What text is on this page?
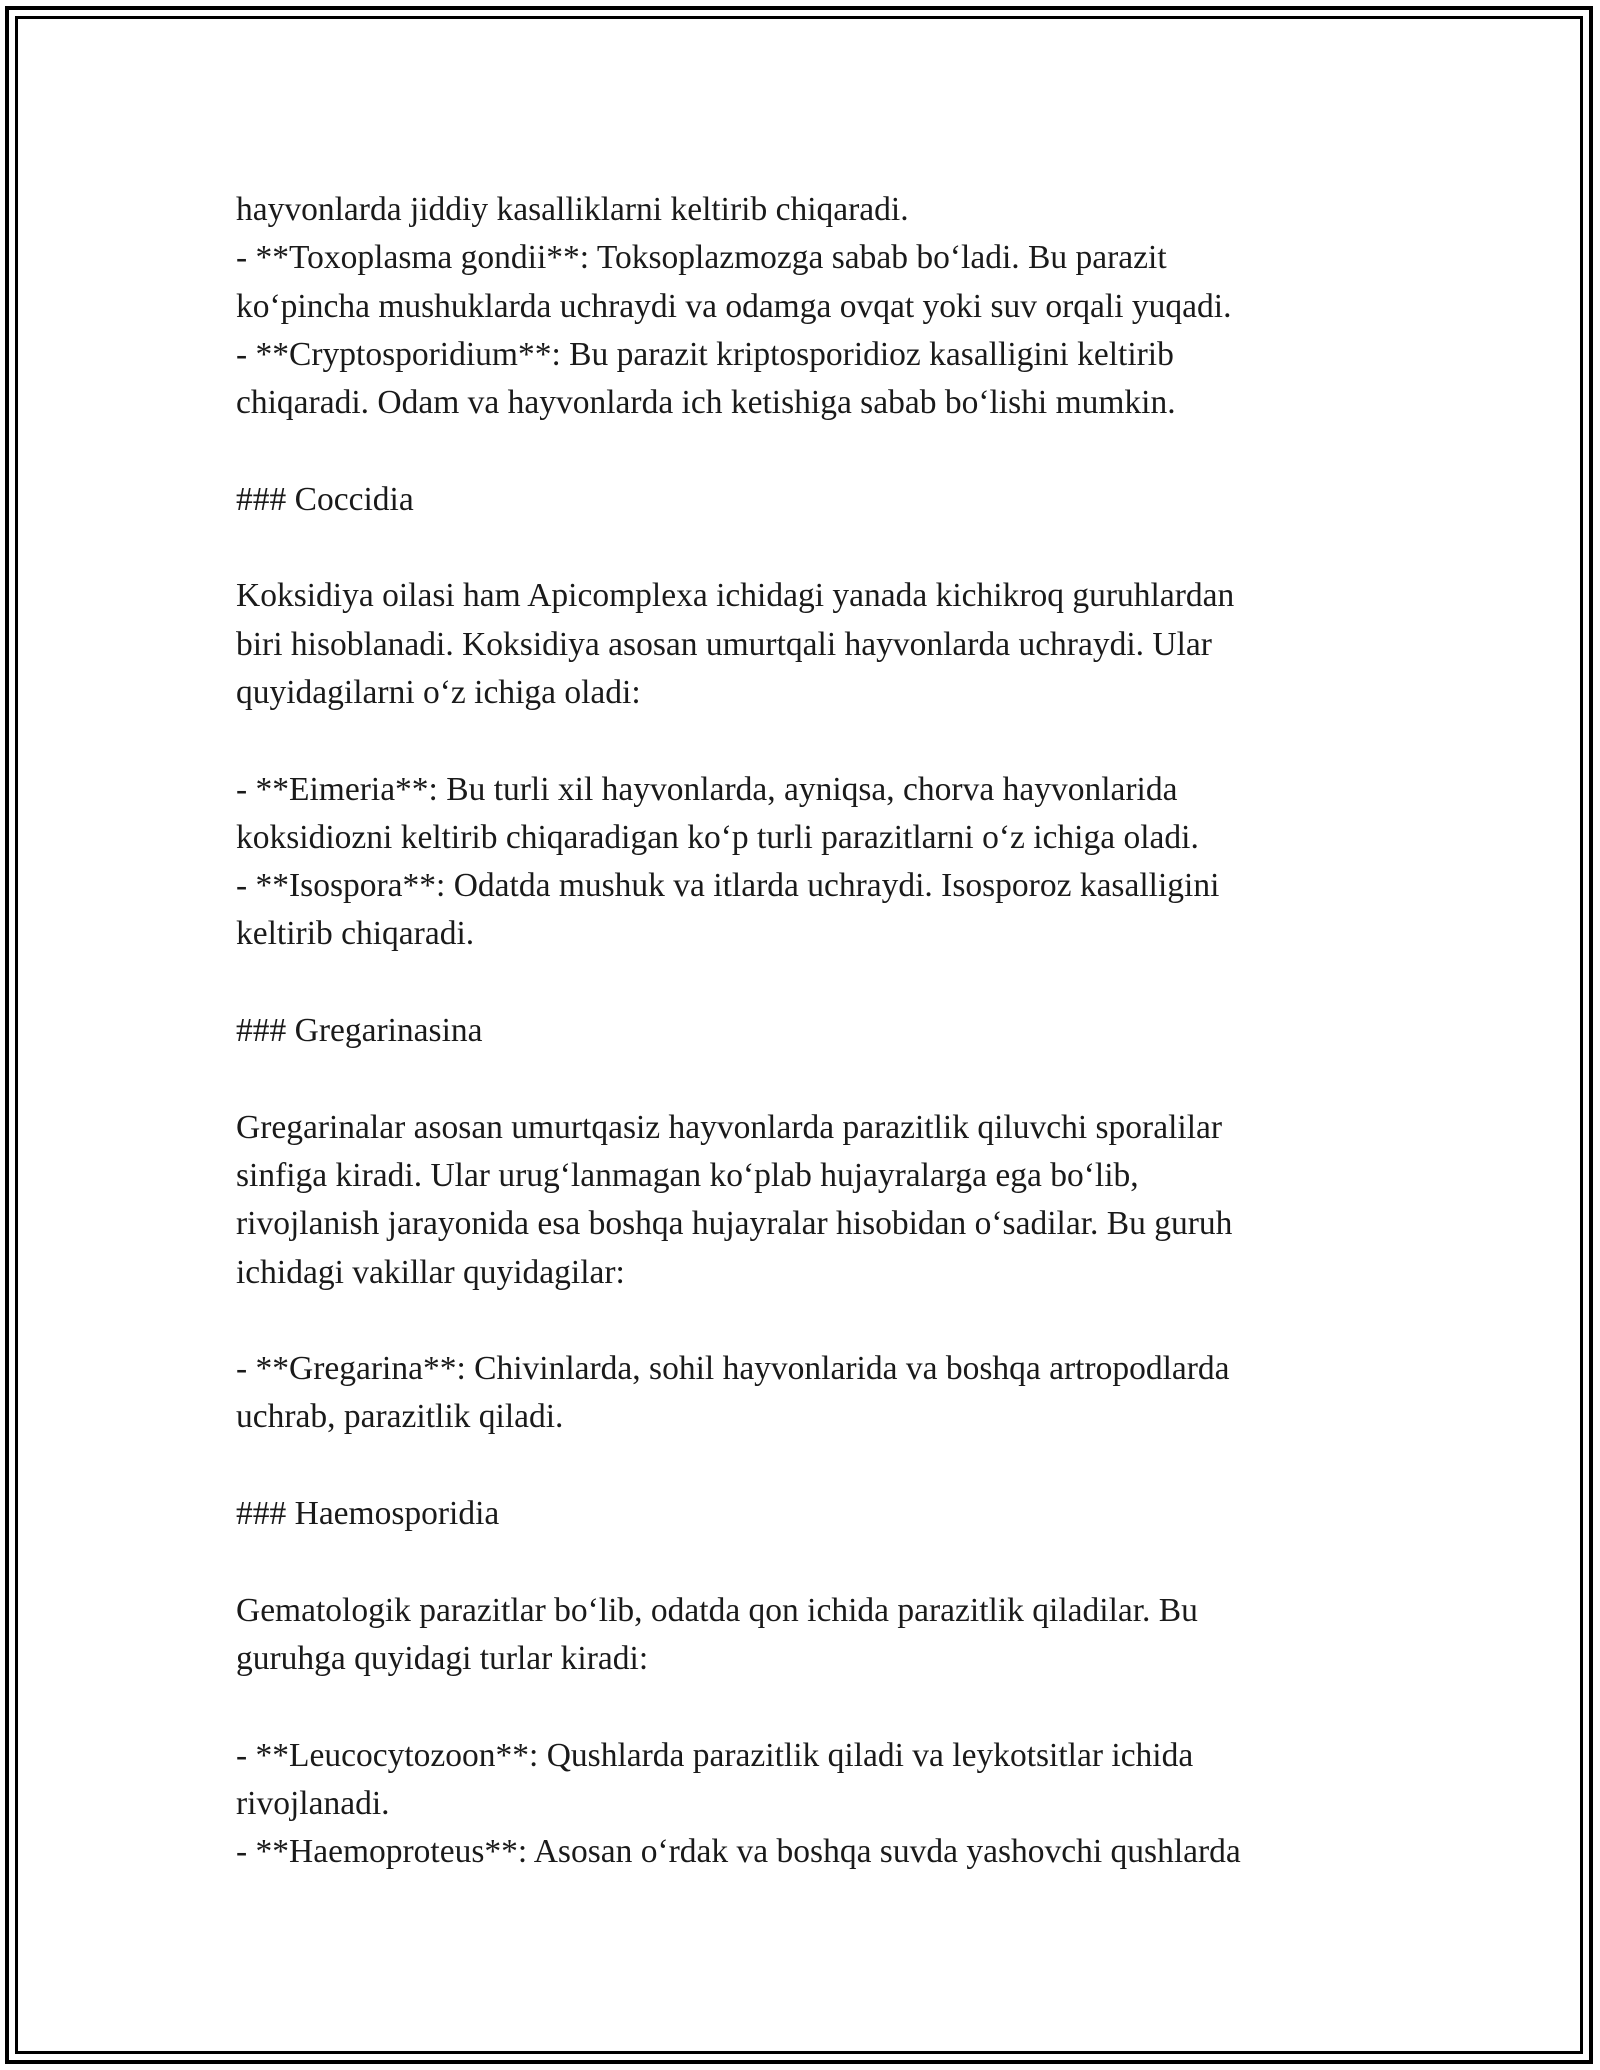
hayvonlarda jiddiy kasalliklarni keltirib chiqaradi.
- **Toxoplasma gondii**: Toksoplazmozga sabab bo‘ladi. Bu parazit
ko‘pincha mushuklarda uchraydi va odamga ovqat yoki suv orqali yuqadi.
- **Cryptosporidium**: Bu parazit kriptosporidioz kasalligini keltirib
chiqaradi. Odam va hayvonlarda ich ketishiga sabab bo‘lishi mumkin.
### Coccidia
Koksidiya oilasi ham Apicomplexa ichidagi yanada kichikroq guruhlardan
biri hisoblanadi. Koksidiya asosan umurtqali hayvonlarda uchraydi. Ular
quyidagilarni o‘z ichiga oladi:
- **Eimeria**: Bu turli xil hayvonlarda, ayniqsa, chorva hayvonlarida
koksidiozni keltirib chiqaradigan ko‘p turli parazitlarni o‘z ichiga oladi.
- **Isospora**: Odatda mushuk va itlarda uchraydi. Isosporoz kasalligini
keltirib chiqaradi.
### Gregarinasina
Gregarinalar asosan umurtqasiz hayvonlarda parazitlik qiluvchi sporalilar
sinfiga kiradi. Ular urug‘lanmagan ko‘plab hujayralarga ega bo‘lib,
rivojlanish jarayonida esa boshqa hujayralar hisobidan o‘sadilar. Bu guruh
ichidagi vakillar quyidagilar:
- **Gregarina**: Chivinlarda, sohil hayvonlarida va boshqa artropodlarda
uchrab, parazitlik qiladi.
### Haemosporidia
Gematologik parazitlar bo‘lib, odatda qon ichida parazitlik qiladilar. Bu
guruhga quyidagi turlar kiradi:
- **Leucocytozoon**: Qushlarda parazitlik qiladi va leykotsitlar ichida
rivojlanadi.
- **Haemoproteus**: Asosan o‘rdak va boshqa suvda yashovchi qushlarda
